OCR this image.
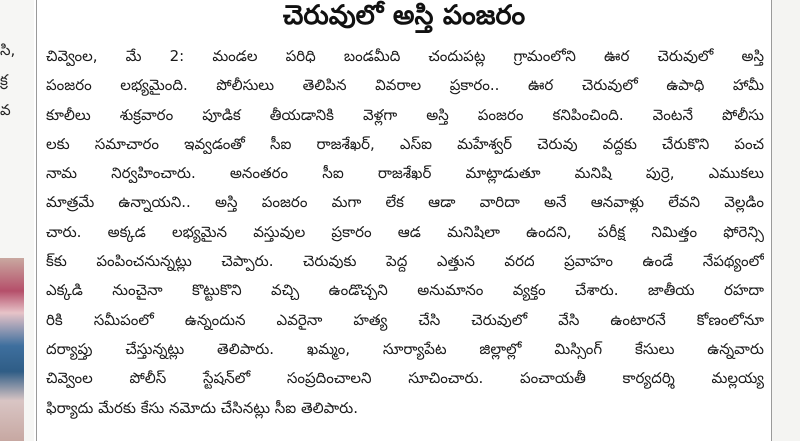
సి,
క్ర
వ
చెరువులో అస్తి పంజరం
చివ్వెంల, మే 2: మండల పరిధి బండమీది చందుపట్ల గ్రామంలోని ఊర చెరువులో అస్తి
పంజరం లభ్యమైంది. పోలీసులు తెలిపిన వివరాల ప్రకారం.. ఊర చెరువులో ఉపాధి హామీ
కూలీలు శుక్రవారం పూడిక తీయడానికి వెళ్లగా అస్తి పంజరం కనిపించింది. వెంటనే పోలీసు
లకు సమాచారం ఇవ్వడంతో సీఐ రాజశేఖర్, ఎస్ఐ మహేశ్వర్ చెరువు వద్దకు చేరుకొని పంచ
నామ నిర్వహించారు. అనంతరం సీఐ రాజశేఖర్ మాట్లాడుతూ మనిషి పుర్రె, ఎముకలు
మాత్రమే ఉన్నాయని.. అస్తి పంజరం మగా లేక ఆడా వారిదా అనే ఆనవాళ్లు లేవని వెల్లడిం
చారు. అక్కడ లభ్యమైన వస్తువుల ప్రకారం ఆడ మనిషిలా ఉందని, పరీక్ష నిమిత్తం ఫోరెన్సి
క్‌కు పంపించనున్నట్లు చెప్పారు. చెరువుకు పెద్ద ఎత్తున వరద ప్రవాహం ఉండే నేపథ్యంలో
ఎక్కడి నుంచైనా కొట్టుకొని వచ్చి ఉండొచ్చని అనుమానం వ్యక్తం చేశారు. జాతీయ రహదా
రికి సమీపంలో ఉన్నందున ఎవరైనా హత్య చేసి చెరువులో వేసి ఉంటారనే కోణంలోనూ
దర్యాప్తు చేస్తున్నట్లు తెలిపారు. ఖమ్మం, సూర్యాపేట జిల్లాల్లో మిస్సింగ్ కేసులు ఉన్నవారు
చివ్వెంల పోలీస్ స్టేషన్‌లో సంప్రదించాలని సూచించారు. పంచాయతీ కార్యదర్శి మల్లయ్య
ఫిర్యాదు మేరకు కేసు నమోదు చేసినట్లు సీఐ తెలిపారు.
